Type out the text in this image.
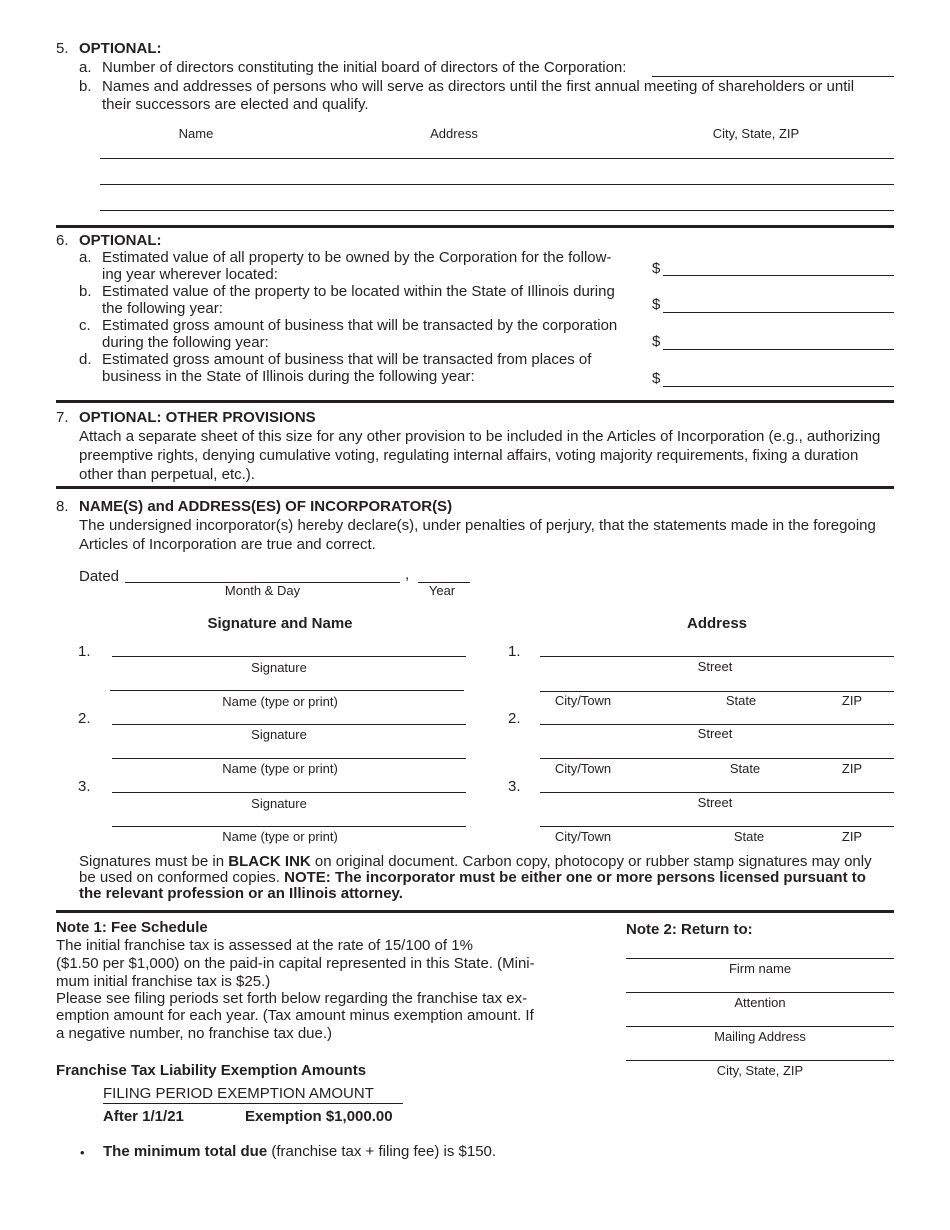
5. OPTIONAL:
a. Number of directors constituting the initial board of directors of the Corporation:
b. Names and addresses of persons who will serve as directors until the first annual meeting of shareholders or until
their successors are elected and qualify.
Name	Address	City, State, ZIP
6. OPTIONAL:
a. Estimated value of all property to be owned by the Corporation for the follow-
ing year wherever located:	$
b. Estimated value of the property to be located within the State of Illinois during
the following year:	$
c. Estimated gross amount of business that will be transacted by the corporation
during the following year:	$
d. Estimated gross amount of business that will be transacted from places of
business in the State of Illinois during the following year:	$
7. OPTIONAL: OTHER PROVISIONS
Attach a separate sheet of this size for any other provision to be included in the Articles of Incorporation (e.g., authorizing
preemptive rights, denying cumulative voting, regulating internal affairs, voting majority requirements, fixing a duration
other than perpetual, etc.).
8. NAME(S) and ADDRESS(ES) OF INCORPORATOR(S)
The undersigned incorporator(s) hereby declare(s), under penalties of perjury, that the statements made in the foregoing
Articles of Incorporation are true and correct.
Dated	,
Month & Day	Year
Signature and Name	Address
1.
Signature
Name (type or print)
1.
Street
City/Town	State	ZIP
2.
Signature
Name (type or print)
2.
Street
City/Town	State	ZIP
3.
Signature
Name (type or print)
3.
Street
City/Town	State	ZIP
Signatures must be in BLACK INK on original document. Carbon copy, photocopy or rubber stamp signatures may only
be used on conformed copies. NOTE: The incorporator must be either one or more persons licensed pursuant to
the relevant profession or an Illinois attorney.
Note 1: Fee Schedule
The initial franchise tax is assessed at the rate of 15/100 of 1%
($1.50 per $1,000) on the paid-in capital represented in this State. (Mini-
mum initial franchise tax is $25.)
Please see filing periods set forth below regarding the franchise tax ex-
emption amount for each year. (Tax amount minus exemption amount. If
a negative number, no franchise tax due.)
Franchise Tax Liability Exemption Amounts
FILING PERIOD EXEMPTION AMOUNT
After 1/1/21	Exemption $1,000.00
• The minimum total due (franchise tax + filing fee) is $150.
Note 2: Return to:
Firm name
Attention
Mailing Address
City, State, ZIP
